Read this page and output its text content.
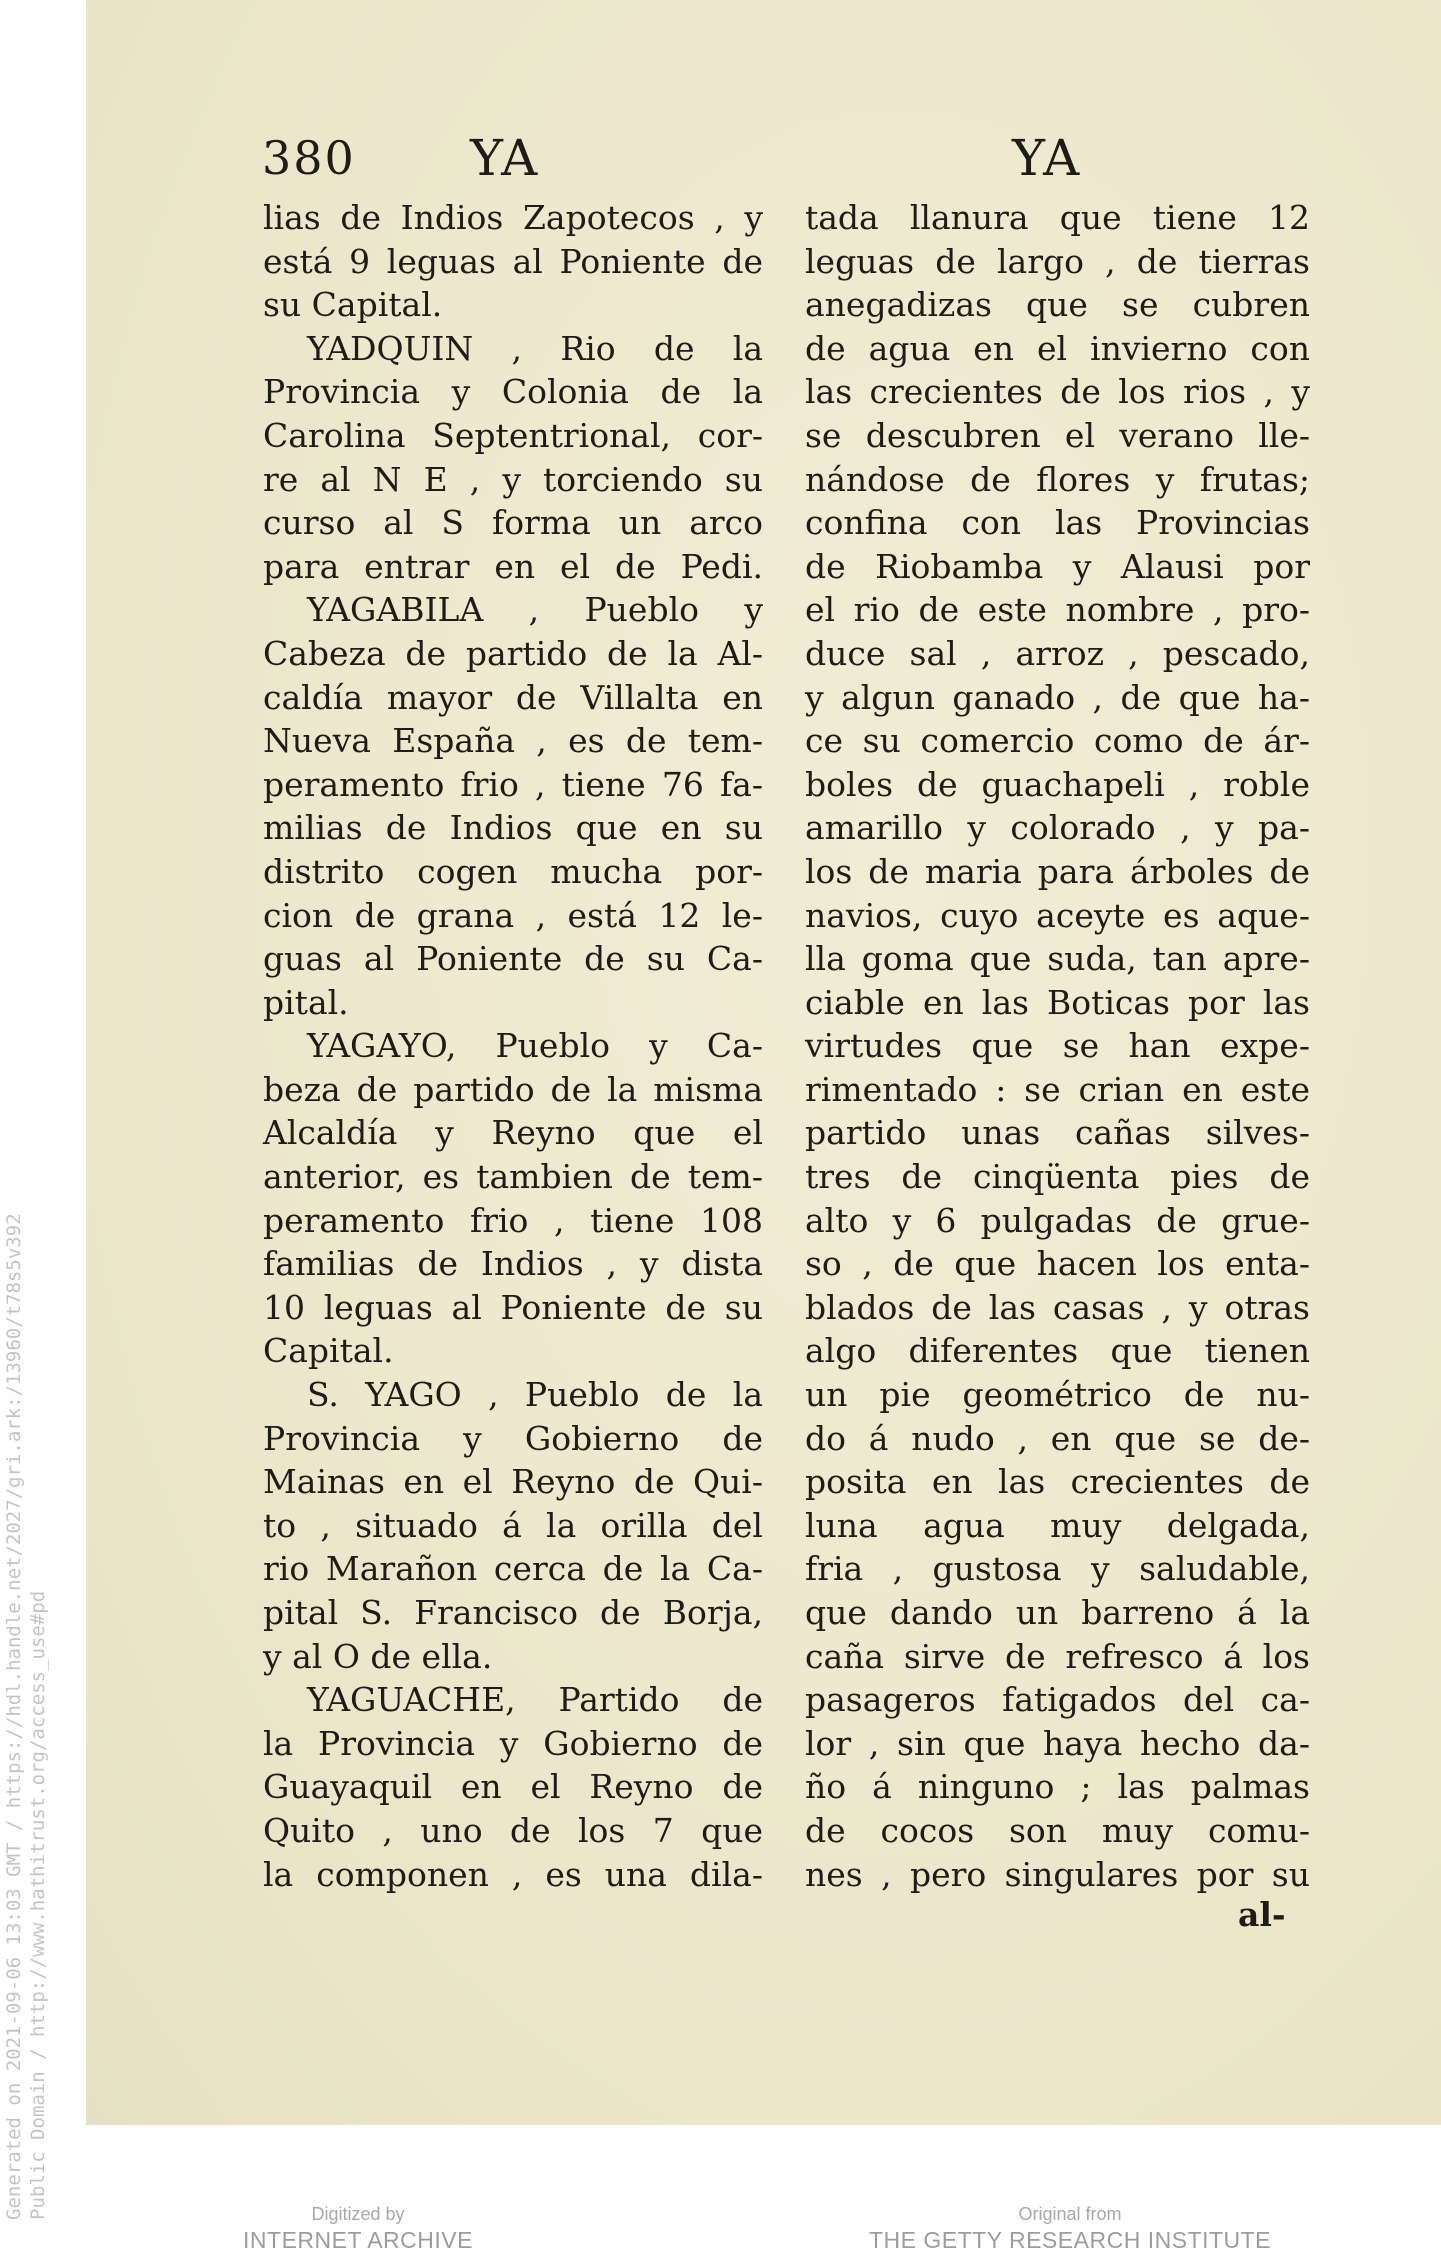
Generated on 2021-09-06 13:03 GMT / https://hdl.handle.net/2027/gri.ark:/13960/t78s5v392 Public Domain / http://www.hathitrust.org/access_use#pd
380 YA	YA
lias de Indios Zapotecos , y
está 9 leguas al Poniente de
su Capital.
YADQUIN , Rio de la
Provincia y Colonia de la
Carolina Septentrional, cor-
re al N E , y torciendo su
curso al S forma un arco
para entrar en el de Pedi.
YAGABILA , Pueblo y
Cabeza de partido de la Al-
caldía mayor de Villalta en
Nueva España , es de tem-
peramento frio , tiene 76 fa-
milias de Indios que en su
distrito cogen mucha por-
cion de grana , está 12 le-
guas al Poniente de su Ca-
pital.
YAGAYO, Pueblo y Ca-
beza de partido de la misma
Alcaldía y Reyno que el
anterior, es tambien de tem-
peramento frio , tiene 108
familias de Indios , y dista
10 leguas al Poniente de su
Capital.
S. YAGO , Pueblo de la
Provincia y Gobierno de
Mainas en el Reyno de Qui-
to , situado á la orilla del
rio Marañon cerca de la Ca-
pital S. Francisco de Borja,
y al O de ella.
YAGUACHE, Partido de
la Provincia y Gobierno de
Guayaquil en el Reyno de
Quito , uno de los 7 que
la componen , es una dila-
tada llanura que tiene 12
leguas de largo , de tierras
anegadizas que se cubren
de agua en el invierno con
las crecientes de los rios , y
se descubren el verano lle-
nándose de flores y frutas;
confina con las Provincias
de Riobamba y Alausi por
el rio de este nombre , pro-
duce sal , arroz , pescado,
y algun ganado , de que ha-
ce su comercio como de ár-
boles de guachapeli , roble
amarillo y colorado , y pa-
los de maria para árboles de
navios, cuyo aceyte es aque-
lla goma que suda, tan apre-
ciable en las Boticas por las
virtudes que se han expe-
rimentado : se crian en este
partido unas cañas silves-
tres de cinqüenta pies de
alto y 6 pulgadas de grue-
so , de que hacen los enta-
blados de las casas , y otras
algo diferentes que tienen
un pie geométrico de nu-
do á nudo , en que se de-
posita en las crecientes de
luna agua muy delgada,
fria , gustosa y saludable,
que dando un barreno á la
caña sirve de refresco á los
pasageros fatigados del ca-
lor , sin que haya hecho da-
ño á ninguno ; las palmas
de cocos son muy comu-
nes , pero singulares por su
al-
Digitized by
INTERNET ARCHIVE
Original from
THE GETTY RESEARCH INSTITUTE
